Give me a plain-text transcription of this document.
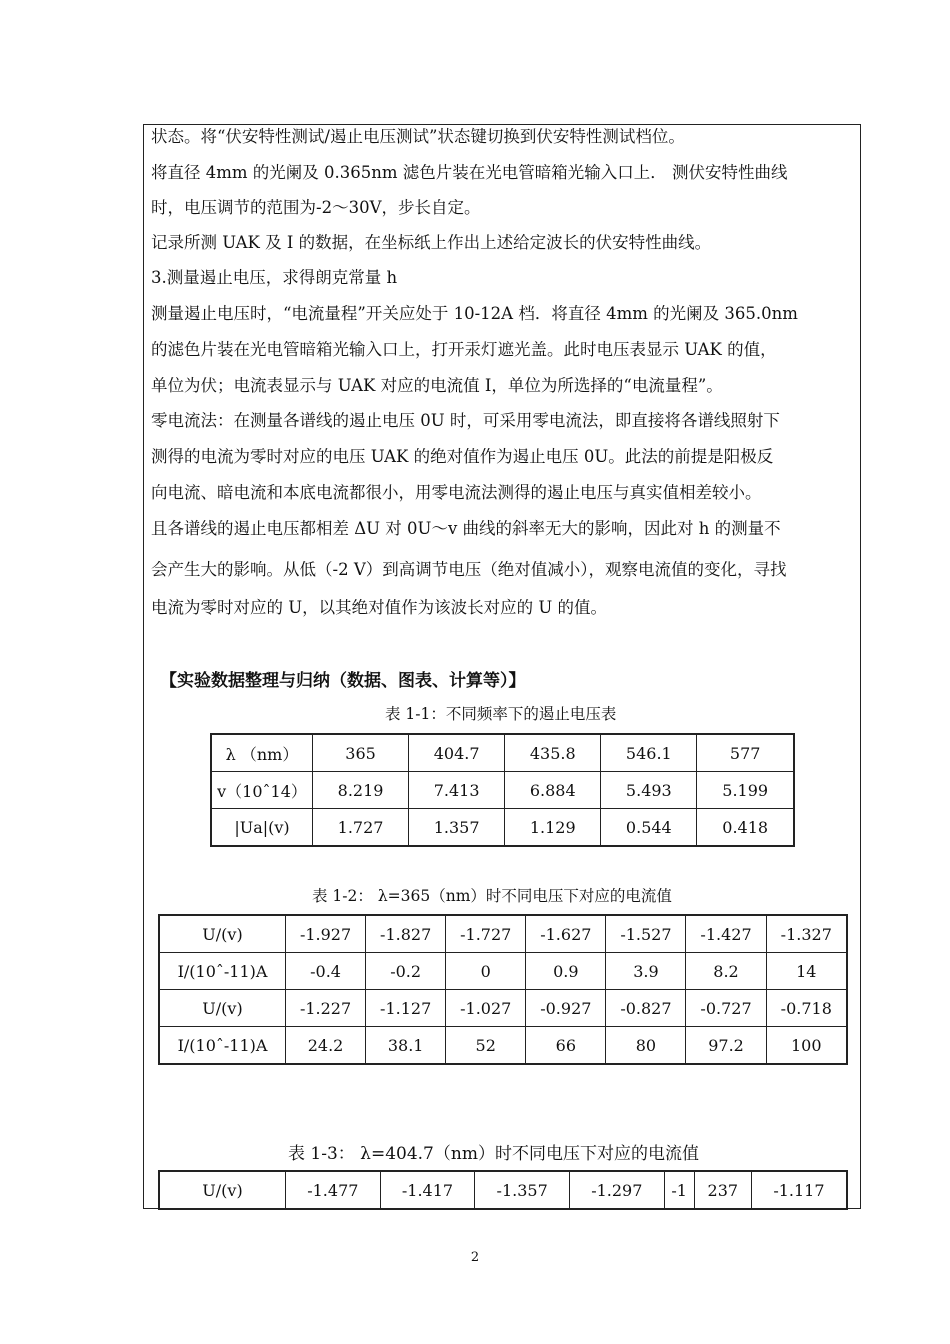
状态。将“伏安特性测试/遏止电压测试”状态键切换到伏安特性测试档位。
将直径 4mm 的光阑及 0.365nm 滤色片装在光电管暗箱光输入口上． 测伏安特性曲线
时，电压调节的范围为-2～30V，步长自定。
记录所测 UAK 及 I 的数据，在坐标纸上作出上述给定波长的伏安特性曲线。
3.测量遏止电压，求得朗克常量 h
测量遏止电压时，“电流量程”开关应处于 10-12A 档．将直径 4mm 的光阑及 365.0nm
的滤色片装在光电管暗箱光输入口上，打开汞灯遮光盖。此时电压表显示 UAK 的值，
单位为伏；电流表显示与 UAK 对应的电流值 I，单位为所选择的“电流量程”。
零电流法：在测量各谱线的遏止电压 0U 时，可采用零电流法，即直接将各谱线照射下
测得的电流为零时对应的电压 UAK 的绝对值作为遏止电压 0U。此法的前提是阳极反
向电流、暗电流和本底电流都很小，用零电流法测得的遏止电压与真实值相差较小。
且各谱线的遏止电压都相差 ΔU 对 0U～v 曲线的斜率无大的影响，因此对 h 的测量不
会产生大的影响。从低（-2 V）到高调节电压（绝对值减小），观察电流值的变化，寻找
电流为零时对应的 U，以其绝对值作为该波长对应的 U 的值。
【实验数据整理与归纳（数据、图表、计算等）】
表 1-1：不同频率下的遏止电压表
λ （nm）	365	404.7	435.8	546.1	577
v（10ˆ14）	8.219	7.413	6.884	5.493	5.199
|Ua|(v)	1.727	1.357	1.129	0.544	0.418
表 1-2： λ=365（nm）时不同电压下对应的电流值
U/(v)	-1.927	-1.827	-1.727	-1.627	-1.527	-1.427	-1.327
I/(10ˆ-11)A	-0.4	-0.2	0	0.9	3.9	8.2	14
U/(v)	-1.227	-1.127	-1.027	-0.927	-0.827	-0.727	-0.718
I/(10ˆ-11)A	24.2	38.1	52	66	80	97.2	100
表 1-3： λ=404.7（nm）时不同电压下对应的电流值
U/(v)	-1.477	-1.417	-1.357	-1.297	-1	237	-1.117
2
